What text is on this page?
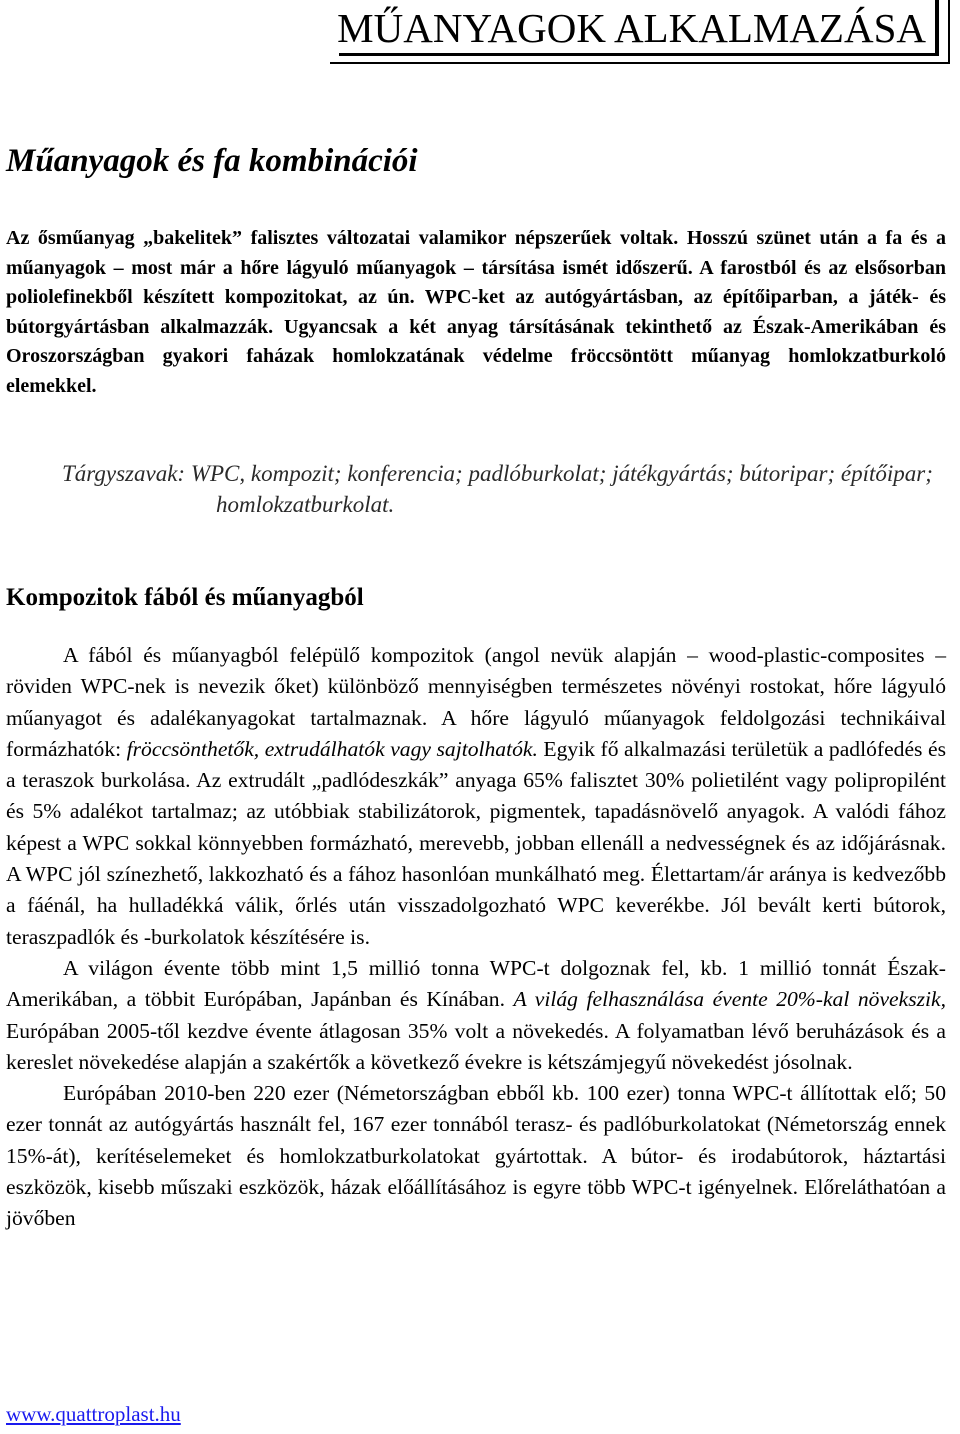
MŰANYAGOK ALKALMAZÁSA
Műanyagok és fa kombinációi

Az ősműanyag „bakelitek” falisztes változatai valamikor népszerűek voltak. Hosszú szünet után a fa és a műanyagok – most már a hőre lágyuló műanyagok – társítása ismét időszerű. A farostból és az elsősorban poliolefinekből készített kompozitokat, az ún. WPC-ket az autógyártásban, az építőiparban, a játék- és bútorgyártásban alkalmazzák. Ugyancsak a két anyag társításának tekinthető az Észak-Amerikában és Oroszországban gyakori faházak homlokzatának védelme fröccsöntött műanyag homlokzatburkoló elemekkel.

Tárgyszavak: WPC, kompozit; konferencia; padlóburkolat; játékgyártás; bútoripar; építőipar; homlokzatburkolat.

Kompozitok fából és műanyagból

A fából és műanyagból felépülő kompozitok (angol nevük alapján – wood-plastic-composites – röviden WPC-nek is nevezik őket) különböző mennyiségben természetes növényi rostokat, hőre lágyuló műanyagot és adalékanyagokat tartalmaznak. A hőre lágyuló műanyagok feldolgozási technikáival formázhatók: fröccsönthetők, extrudálhatók vagy sajtolhatók. Egyik fő alkalmazási területük a padlófedés és a teraszok burkolása. Az extrudált „padlódeszkák” anyaga 65% falisztet 30% polietilént vagy polipropilént és 5% adalékot tartalmaz; az utóbbiak stabilizátorok, pigmentek, tapadásnövelő anyagok. A valódi fához képest a WPC sokkal könnyebben formázható, merevebb, jobban ellenáll a nedvességnek és az időjárásnak. A WPC jól színezhető, lakkozható és a fához hasonlóan munkálható meg. Élettartam/ár aránya is kedvezőbb a fáénál, ha hulladékká válik, őrlés után visszadolgozható WPC keverékbe. Jól bevált kerti bútorok, teraszpadlók és -burkolatok készítésére is.

A világon évente több mint 1,5 millió tonna WPC-t dolgoznak fel, kb. 1 millió tonnát Észak-Amerikában, a többit Európában, Japánban és Kínában. A világ felhasználása évente 20%-kal növekszik, Európában 2005-től kezdve évente átlagosan 35% volt a növekedés. A folyamatban lévő beruházások és a kereslet növekedése alapján a szakértők a következő évekre is kétszámjegyű növekedést jósolnak.

Európában 2010-ben 220 ezer (Németországban ebből kb. 100 ezer) tonna WPC-t állítottak elő; 50 ezer tonnát az autógyártás használt fel, 167 ezer tonnából terasz- és padlóburkolatokat (Németország ennek 15%-át), kerítéselemeket és homlokzatburkolatokat gyártottak. A bútor- és irodabútorok, háztartási eszközök, kisebb műszaki eszközök, házak előállításához is egyre több WPC-t igényelnek. Előreláthatóan a jövőben

www.quattroplast.hu
